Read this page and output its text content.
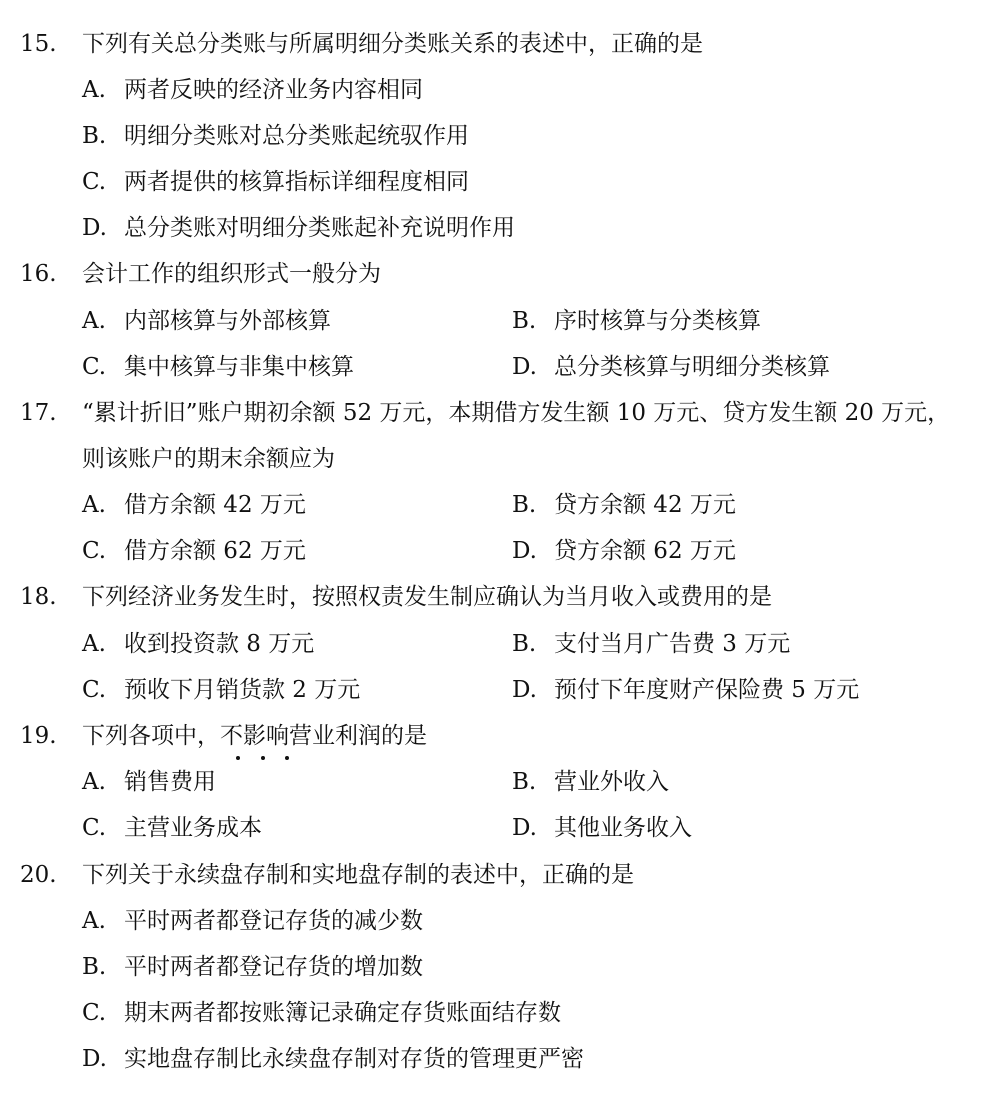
15. 下列有关总分类账与所属明细分类账关系的表述中，正确的是
A. 两者反映的经济业务内容相同
B. 明细分类账对总分类账起统驭作用
C. 两者提供的核算指标详细程度相同
D. 总分类账对明细分类账起补充说明作用
16. 会计工作的组织形式一般分为
A. 内部核算与外部核算	B. 序时核算与分类核算
C. 集中核算与非集中核算	D. 总分类核算与明细分类核算
17. “累计折旧”账户期初余额 52 万元，本期借方发生额 10 万元、贷方发生额 20 万元，
则该账户的期末余额应为
A. 借方余额 42 万元	B. 贷方余额 42 万元
C. 借方余额 62 万元	D. 贷方余额 62 万元
18. 下列经济业务发生时，按照权责发生制应确认为当月收入或费用的是
A. 收到投资款 8 万元	B. 支付当月广告费 3 万元
C. 预收下月销货款 2 万元	D. 预付下年度财产保险费 5 万元
19. 下列各项中，不影响营业利润的是
A. 销售费用	B. 营业外收入
C. 主营业务成本	D. 其他业务收入
20. 下列关于永续盘存制和实地盘存制的表述中，正确的是
A. 平时两者都登记存货的减少数
B. 平时两者都登记存货的增加数
C. 期末两者都按账簿记录确定存货账面结存数
D. 实地盘存制比永续盘存制对存货的管理更严密
